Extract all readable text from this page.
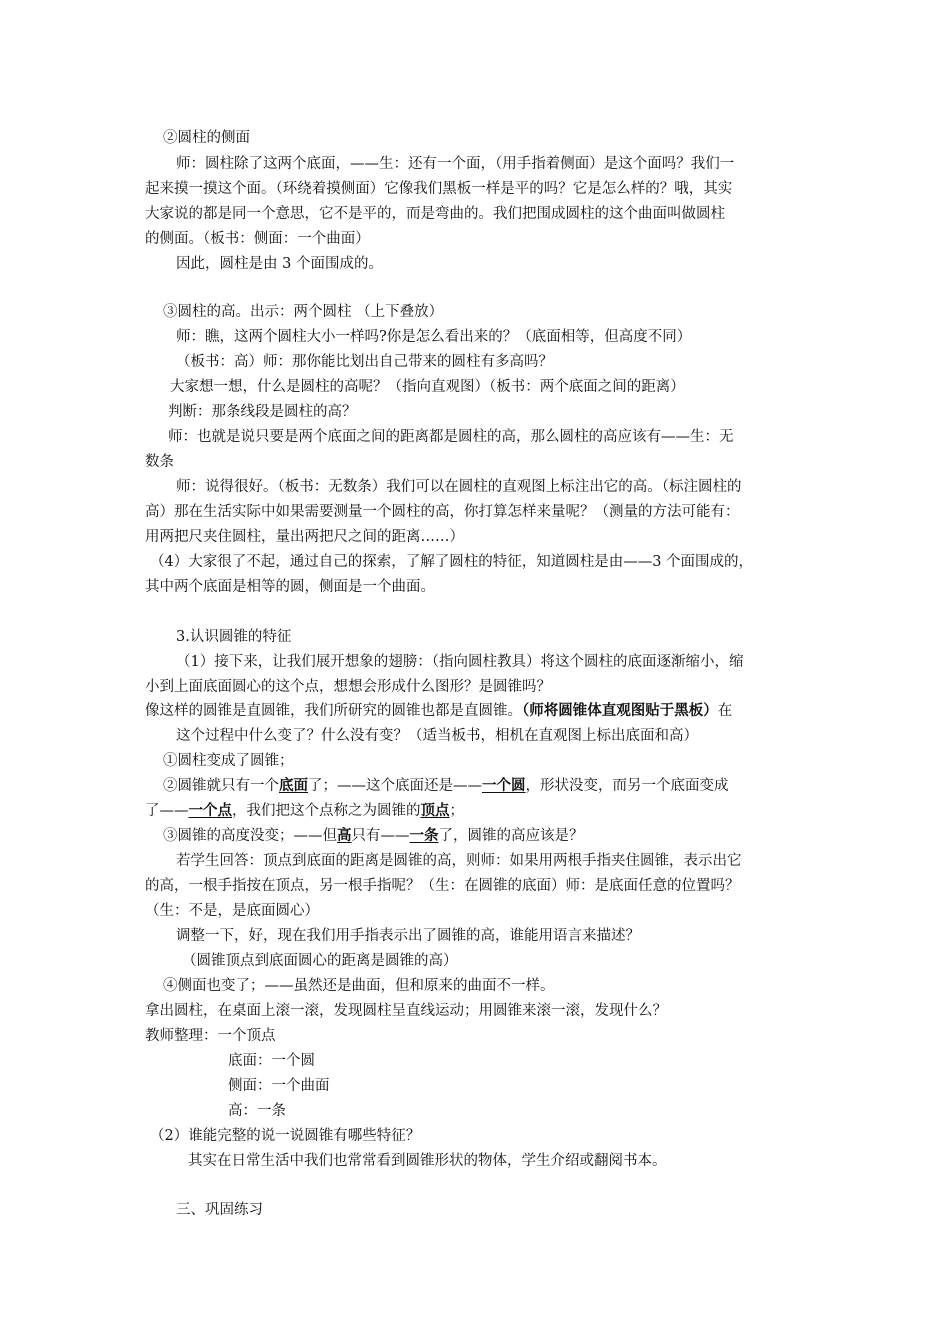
②圆柱的侧面
师：圆柱除了这两个底面，——生：还有一个面，（用手指着侧面）是这个面吗？我们一
起来摸一摸这个面。（环绕着摸侧面）它像我们黑板一样是平的吗？它是怎么样的？哦，其实
大家说的都是同一个意思，它不是平的，而是弯曲的。我们把围成圆柱的这个曲面叫做圆柱
的侧面。（板书：侧面：一个曲面）
因此，圆柱是由 3 个面围成的。
③圆柱的高。出示：两个圆柱 （上下叠放）
师：瞧，这两个圆柱大小一样吗?你是怎么看出来的？（底面相等，但高度不同）
（板书：高）师：那你能比划出自己带来的圆柱有多高吗？
大家想一想，什么是圆柱的高呢？（指向直观图）（板书：两个底面之间的距离）
判断：那条线段是圆柱的高？
师：也就是说只要是两个底面之间的距离都是圆柱的高，那么圆柱的高应该有——生：无
数条
师：说得很好。（板书：无数条）我们可以在圆柱的直观图上标注出它的高。（标注圆柱的
高）那在生活实际中如果需要测量一个圆柱的高，你打算怎样来量呢？（测量的方法可能有：
用两把尺夹住圆柱，量出两把尺之间的距离……）
（4）大家很了不起，通过自己的探索，了解了圆柱的特征，知道圆柱是由——3 个面围成的，
其中两个底面是相等的圆，侧面是一个曲面。
3.认识圆锥的特征
（1）接下来，让我们展开想象的翅膀：（指向圆柱教具）将这个圆柱的底面逐渐缩小，缩
小到上面底面圆心的这个点，想想会形成什么图形？是圆锥吗？
像这样的圆锥是直圆锥，我们所研究的圆锥也都是直圆锥。（师将圆锥体直观图贴于黑板）在
这个过程中什么变了？什么没有变？（适当板书，相机在直观图上标出底面和高）
①圆柱变成了圆锥；
②圆锥就只有一个底面了；——这个底面还是——一个圆，形状没变，而另一个底面变成
了——一个点，我们把这个点称之为圆锥的顶点；
③圆锥的高度没变；——但高只有——一条了，圆锥的高应该是？
若学生回答：顶点到底面的距离是圆锥的高，则师：如果用两根手指夹住圆锥，表示出它
的高，一根手指按在顶点，另一根手指呢？（生：在圆锥的底面）师：是底面任意的位置吗？
（生：不是，是底面圆心）
调整一下，好，现在我们用手指表示出了圆锥的高，谁能用语言来描述？
（圆锥顶点到底面圆心的距离是圆锥的高）
④侧面也变了；——虽然还是曲面，但和原来的曲面不一样。
拿出圆柱，在桌面上滚一滚，发现圆柱呈直线运动；用圆锥来滚一滚，发现什么？
教师整理：一个顶点
底面：一个圆
侧面：一个曲面
高：一条
（2）谁能完整的说一说圆锥有哪些特征？
其实在日常生活中我们也常常看到圆锥形状的物体，学生介绍或翻阅书本。
三、巩固练习
